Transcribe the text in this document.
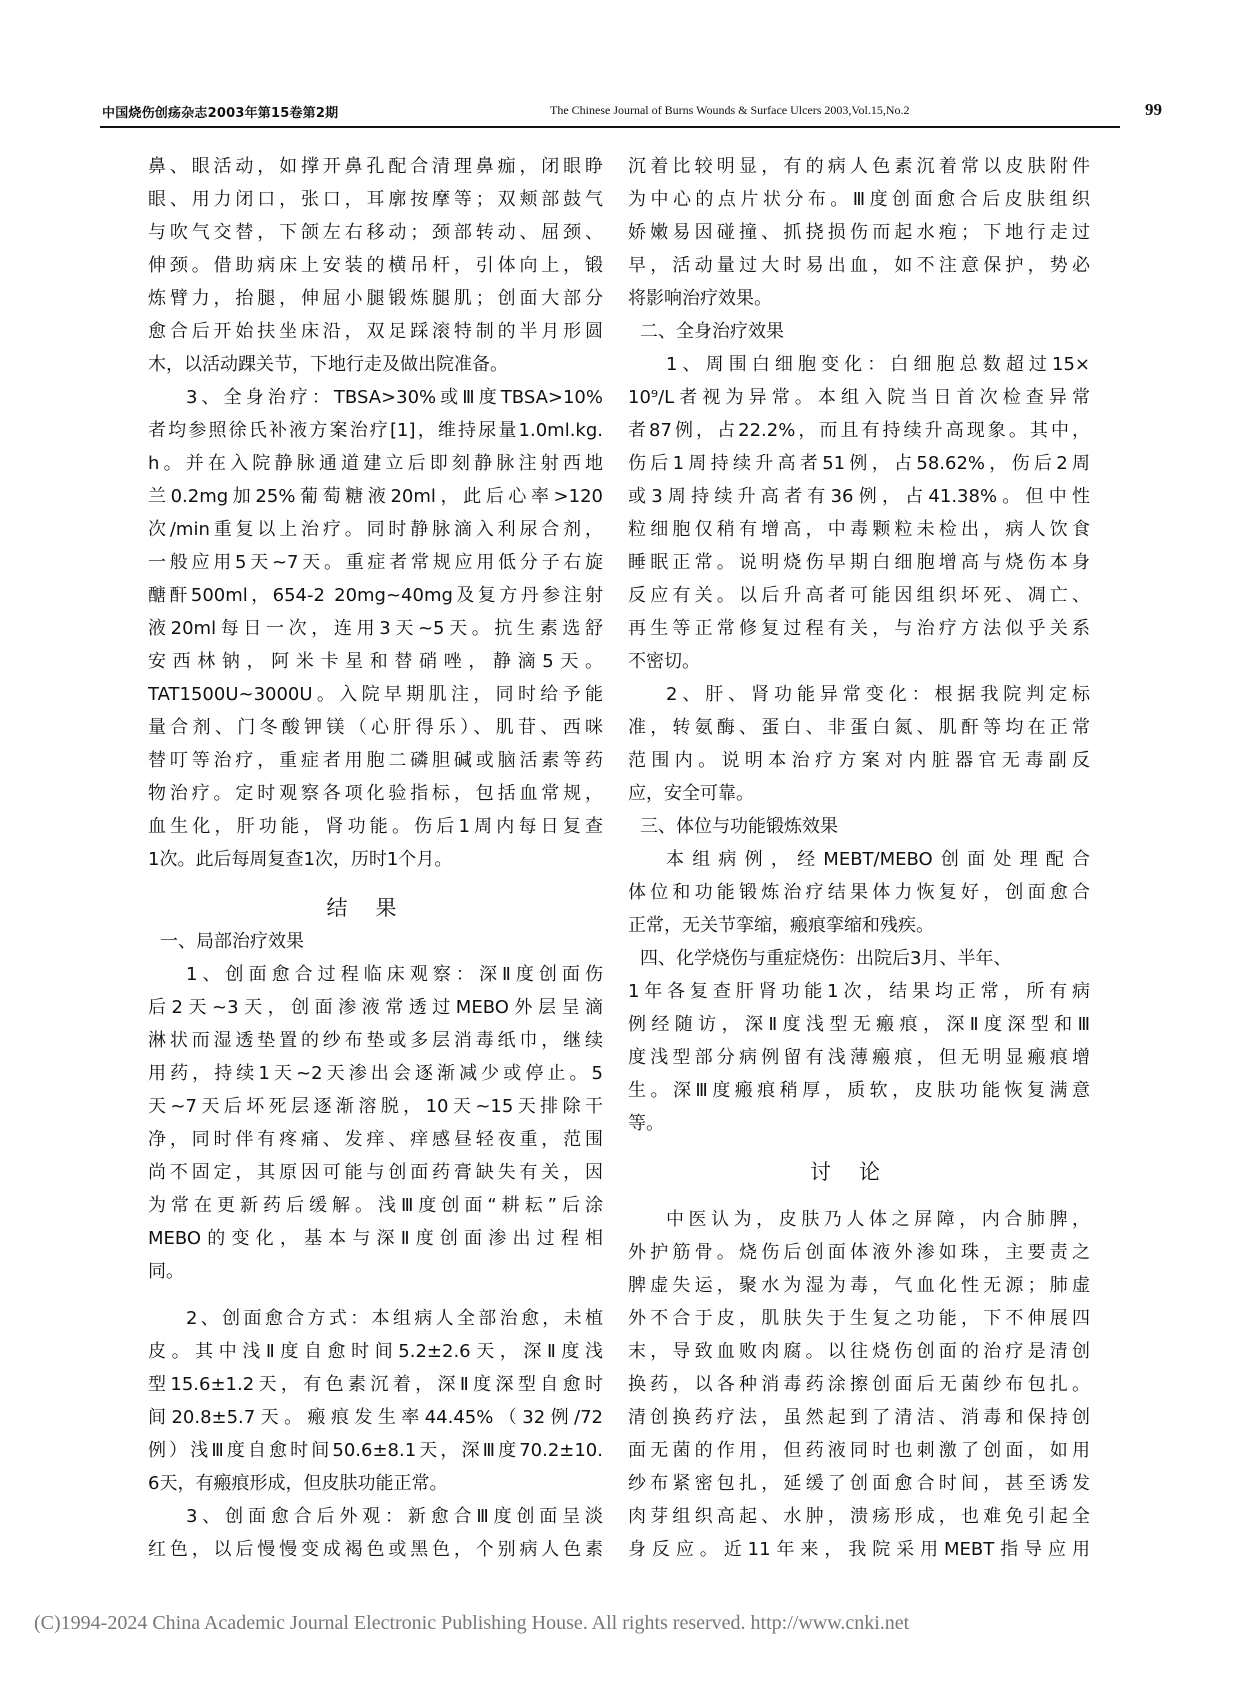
中国烧伤创疡杂志2003年第15卷第2期	The Chinese Journal of Burns Wounds & Surface Ulcers 2003,Vol.15,No.2	99
鼻、眼活动，如撑开鼻孔配合清理鼻痂，闭眼睁
眼、用力闭口，张口，耳廓按摩等；双颊部鼓气
与吹气交替，下颌左右移动；颈部转动、屈颈、
伸颈。借助病床上安装的横吊杆，引体向上，锻
炼臂力，抬腿，伸屈小腿锻炼腿肌；创面大部分
愈合后开始扶坐床沿，双足踩滚特制的半月形圆
木，以活动踝关节，下地行走及做出院准备。
3、全身治疗：TBSA>30%或Ⅲ度TBSA>10%
者均参照徐氏补液方案治疗[1]，维持尿量1.0ml.kg.
h。并在入院静脉通道建立后即刻静脉注射西地
兰0.2mg加25%葡萄糖液20ml，此后心率>120
次/min重复以上治疗。同时静脉滴入利尿合剂，
一般应用5天~7天。重症者常规应用低分子右旋
醣酐500ml，654-2 20mg~40mg及复方丹参注射
液20ml每日一次，连用3天~5天。抗生素选舒
安西林钠，阿米卡星和替硝唑，静滴5天。
TAT1500U~3000U。入院早期肌注，同时给予能
量合剂、门冬酸钾镁（心肝得乐）、肌苷、西咪
替叮等治疗，重症者用胞二磷胆碱或脑活素等药
物治疗。定时观察各项化验指标，包括血常规，
血生化，肝功能，肾功能。伤后1周内每日复查
1次。此后每周复查1次，历时1个月。
结果
一、局部治疗效果
1、创面愈合过程临床观察：深Ⅱ度创面伤
后2天~3天，创面渗液常透过MEBO外层呈滴
淋状而湿透垫置的纱布垫或多层消毒纸巾，继续
用药，持续1天~2天渗出会逐渐减少或停止。5
天~7天后坏死层逐渐溶脱，10天~15天排除干
净，同时伴有疼痛、发痒、痒感昼轻夜重，范围
尚不固定，其原因可能与创面药膏缺失有关，因
为常在更新药后缓解。浅Ⅲ度创面“耕耘”后涂
MEBO的变化，基本与深Ⅱ度创面渗出过程相
同。
2、创面愈合方式：本组病人全部治愈，未植
皮。其中浅Ⅱ度自愈时间5.2±2.6天，深Ⅱ度浅
型15.6±1.2天，有色素沉着，深Ⅱ度深型自愈时
间20.8±5.7天。瘢痕发生率44.45%（32例/72
例）浅Ⅲ度自愈时间50.6±8.1天，深Ⅲ度70.2±10.
6天，有瘢痕形成，但皮肤功能正常。
3、创面愈合后外观：新愈合Ⅲ度创面呈淡
红色，以后慢慢变成褐色或黑色，个别病人色素
沉着比较明显，有的病人色素沉着常以皮肤附件
为中心的点片状分布。Ⅲ度创面愈合后皮肤组织
娇嫩易因碰撞、抓挠损伤而起水疱；下地行走过
早，活动量过大时易出血，如不注意保护，势必
将影响治疗效果。
二、全身治疗效果
1、周围白细胞变化：白细胞总数超过15×
10⁹/L者视为异常。本组入院当日首次检查异常
者87例，占22.2%，而且有持续升高现象。其中，
伤后1周持续升高者51例，占58.62%，伤后2周
或3周持续升高者有36例，占41.38%。但中性
粒细胞仅稍有增高，中毒颗粒未检出，病人饮食
睡眠正常。说明烧伤早期白细胞增高与烧伤本身
反应有关。以后升高者可能因组织坏死、凋亡、
再生等正常修复过程有关，与治疗方法似乎关系
不密切。
2、肝、肾功能异常变化：根据我院判定标
准，转氨酶、蛋白、非蛋白氮、肌酐等均在正常
范围内。说明本治疗方案对内脏器官无毒副反
应，安全可靠。
三、体位与功能锻炼效果
本组病例，经MEBT/MEBO创面处理配合
体位和功能锻炼治疗结果体力恢复好，创面愈合
正常，无关节挛缩，瘢痕挛缩和残疾。
四、化学烧伤与重症烧伤：出院后3月、半年、
1年各复查肝肾功能1次，结果均正常，所有病
例经随访，深Ⅱ度浅型无瘢痕，深Ⅱ度深型和Ⅲ
度浅型部分病例留有浅薄瘢痕，但无明显瘢痕增
生。深Ⅲ度瘢痕稍厚，质软，皮肤功能恢复满意
等。
讨论
中医认为，皮肤乃人体之屏障，内合肺脾，
外护筋骨。烧伤后创面体液外渗如珠，主要责之
脾虚失运，聚水为湿为毒，气血化性无源；肺虚
外不合于皮，肌肤失于生复之功能，下不伸展四
末，导致血败肉腐。以往烧伤创面的治疗是清创
换药，以各种消毒药涂擦创面后无菌纱布包扎。
清创换药疗法，虽然起到了清洁、消毒和保持创
面无菌的作用，但药液同时也刺激了创面，如用
纱布紧密包扎，延缓了创面愈合时间，甚至诱发
肉芽组织高起、水肿，溃疡形成，也难免引起全
身反应。近11年来，我院采用MEBT指导应用
(C)1994-2024 China Academic Journal Electronic Publishing House. All rights reserved. http://www.cnki.net
